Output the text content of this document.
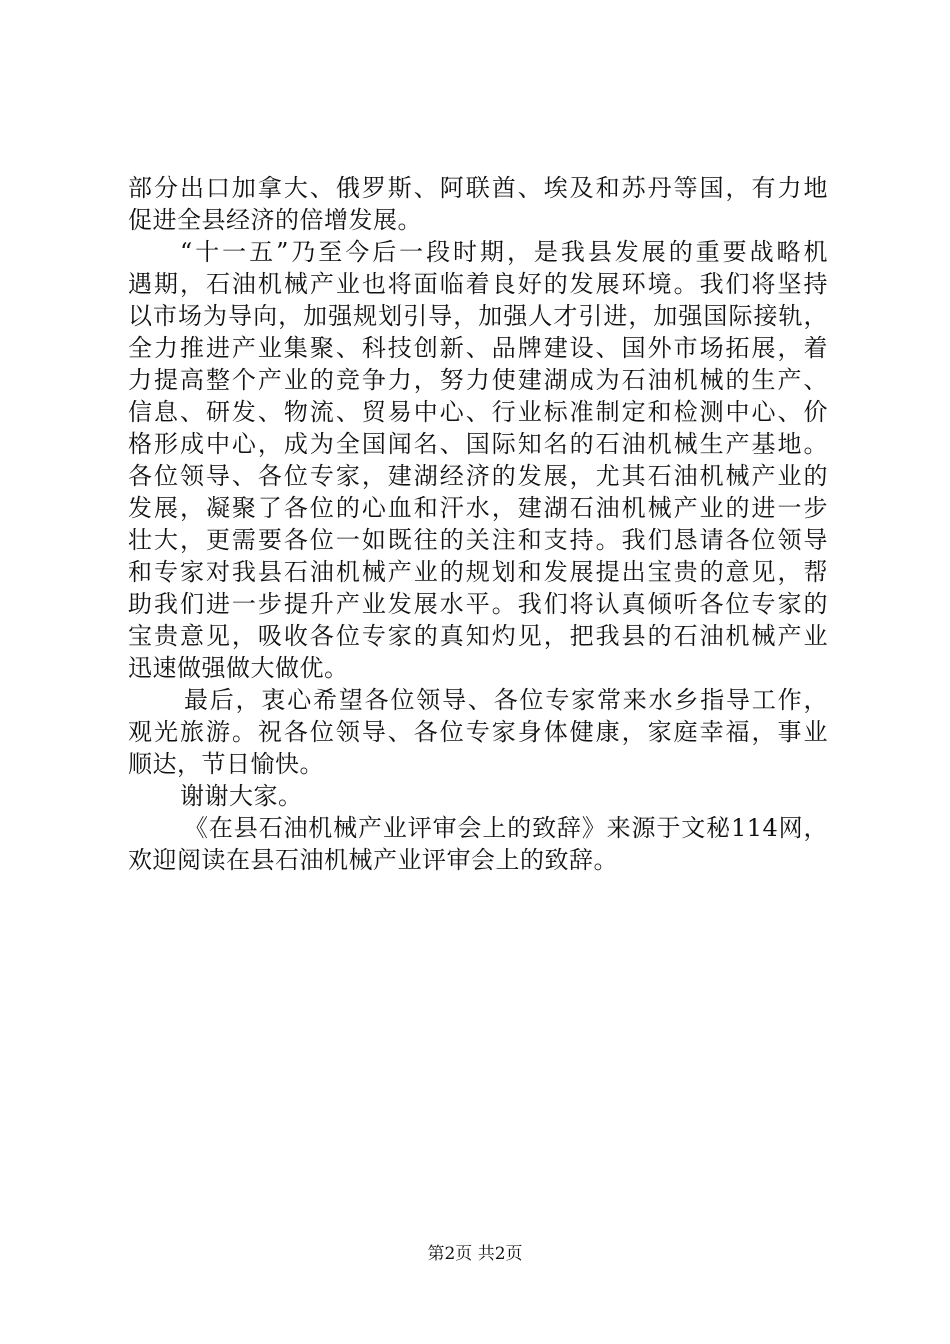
部分出口加拿大、俄罗斯、阿联酋、埃及和苏丹等国，有力地
促进全县经济的倍增发展。
“十一五”乃至今后一段时期，是我县发展的重要战略机
遇期，石油机械产业也将面临着良好的发展环境。我们将坚持
以市场为导向，加强规划引导，加强人才引进，加强国际接轨，
全力推进产业集聚、科技创新、品牌建设、国外市场拓展，着
力提高整个产业的竞争力，努力使建湖成为石油机械的生产、
信息、研发、物流、贸易中心、行业标准制定和检测中心、价
格形成中心，成为全国闻名、国际知名的石油机械生产基地。
各位领导、各位专家，建湖经济的发展，尤其石油机械产业的
发展，凝聚了各位的心血和汗水，建湖石油机械产业的进一步
壮大，更需要各位一如既往的关注和支持。我们恳请各位领导
和专家对我县石油机械产业的规划和发展提出宝贵的意见，帮
助我们进一步提升产业发展水平。我们将认真倾听各位专家的
宝贵意见，吸收各位专家的真知灼见，把我县的石油机械产业
迅速做强做大做优。
最后，衷心希望各位领导、各位专家常来水乡指导工作，
观光旅游。祝各位领导、各位专家身体健康，家庭幸福，事业
顺达，节日愉快。
谢谢大家。
《在县石油机械产业评审会上的致辞》来源于文秘114网，
欢迎阅读在县石油机械产业评审会上的致辞。
第2页 共2页
